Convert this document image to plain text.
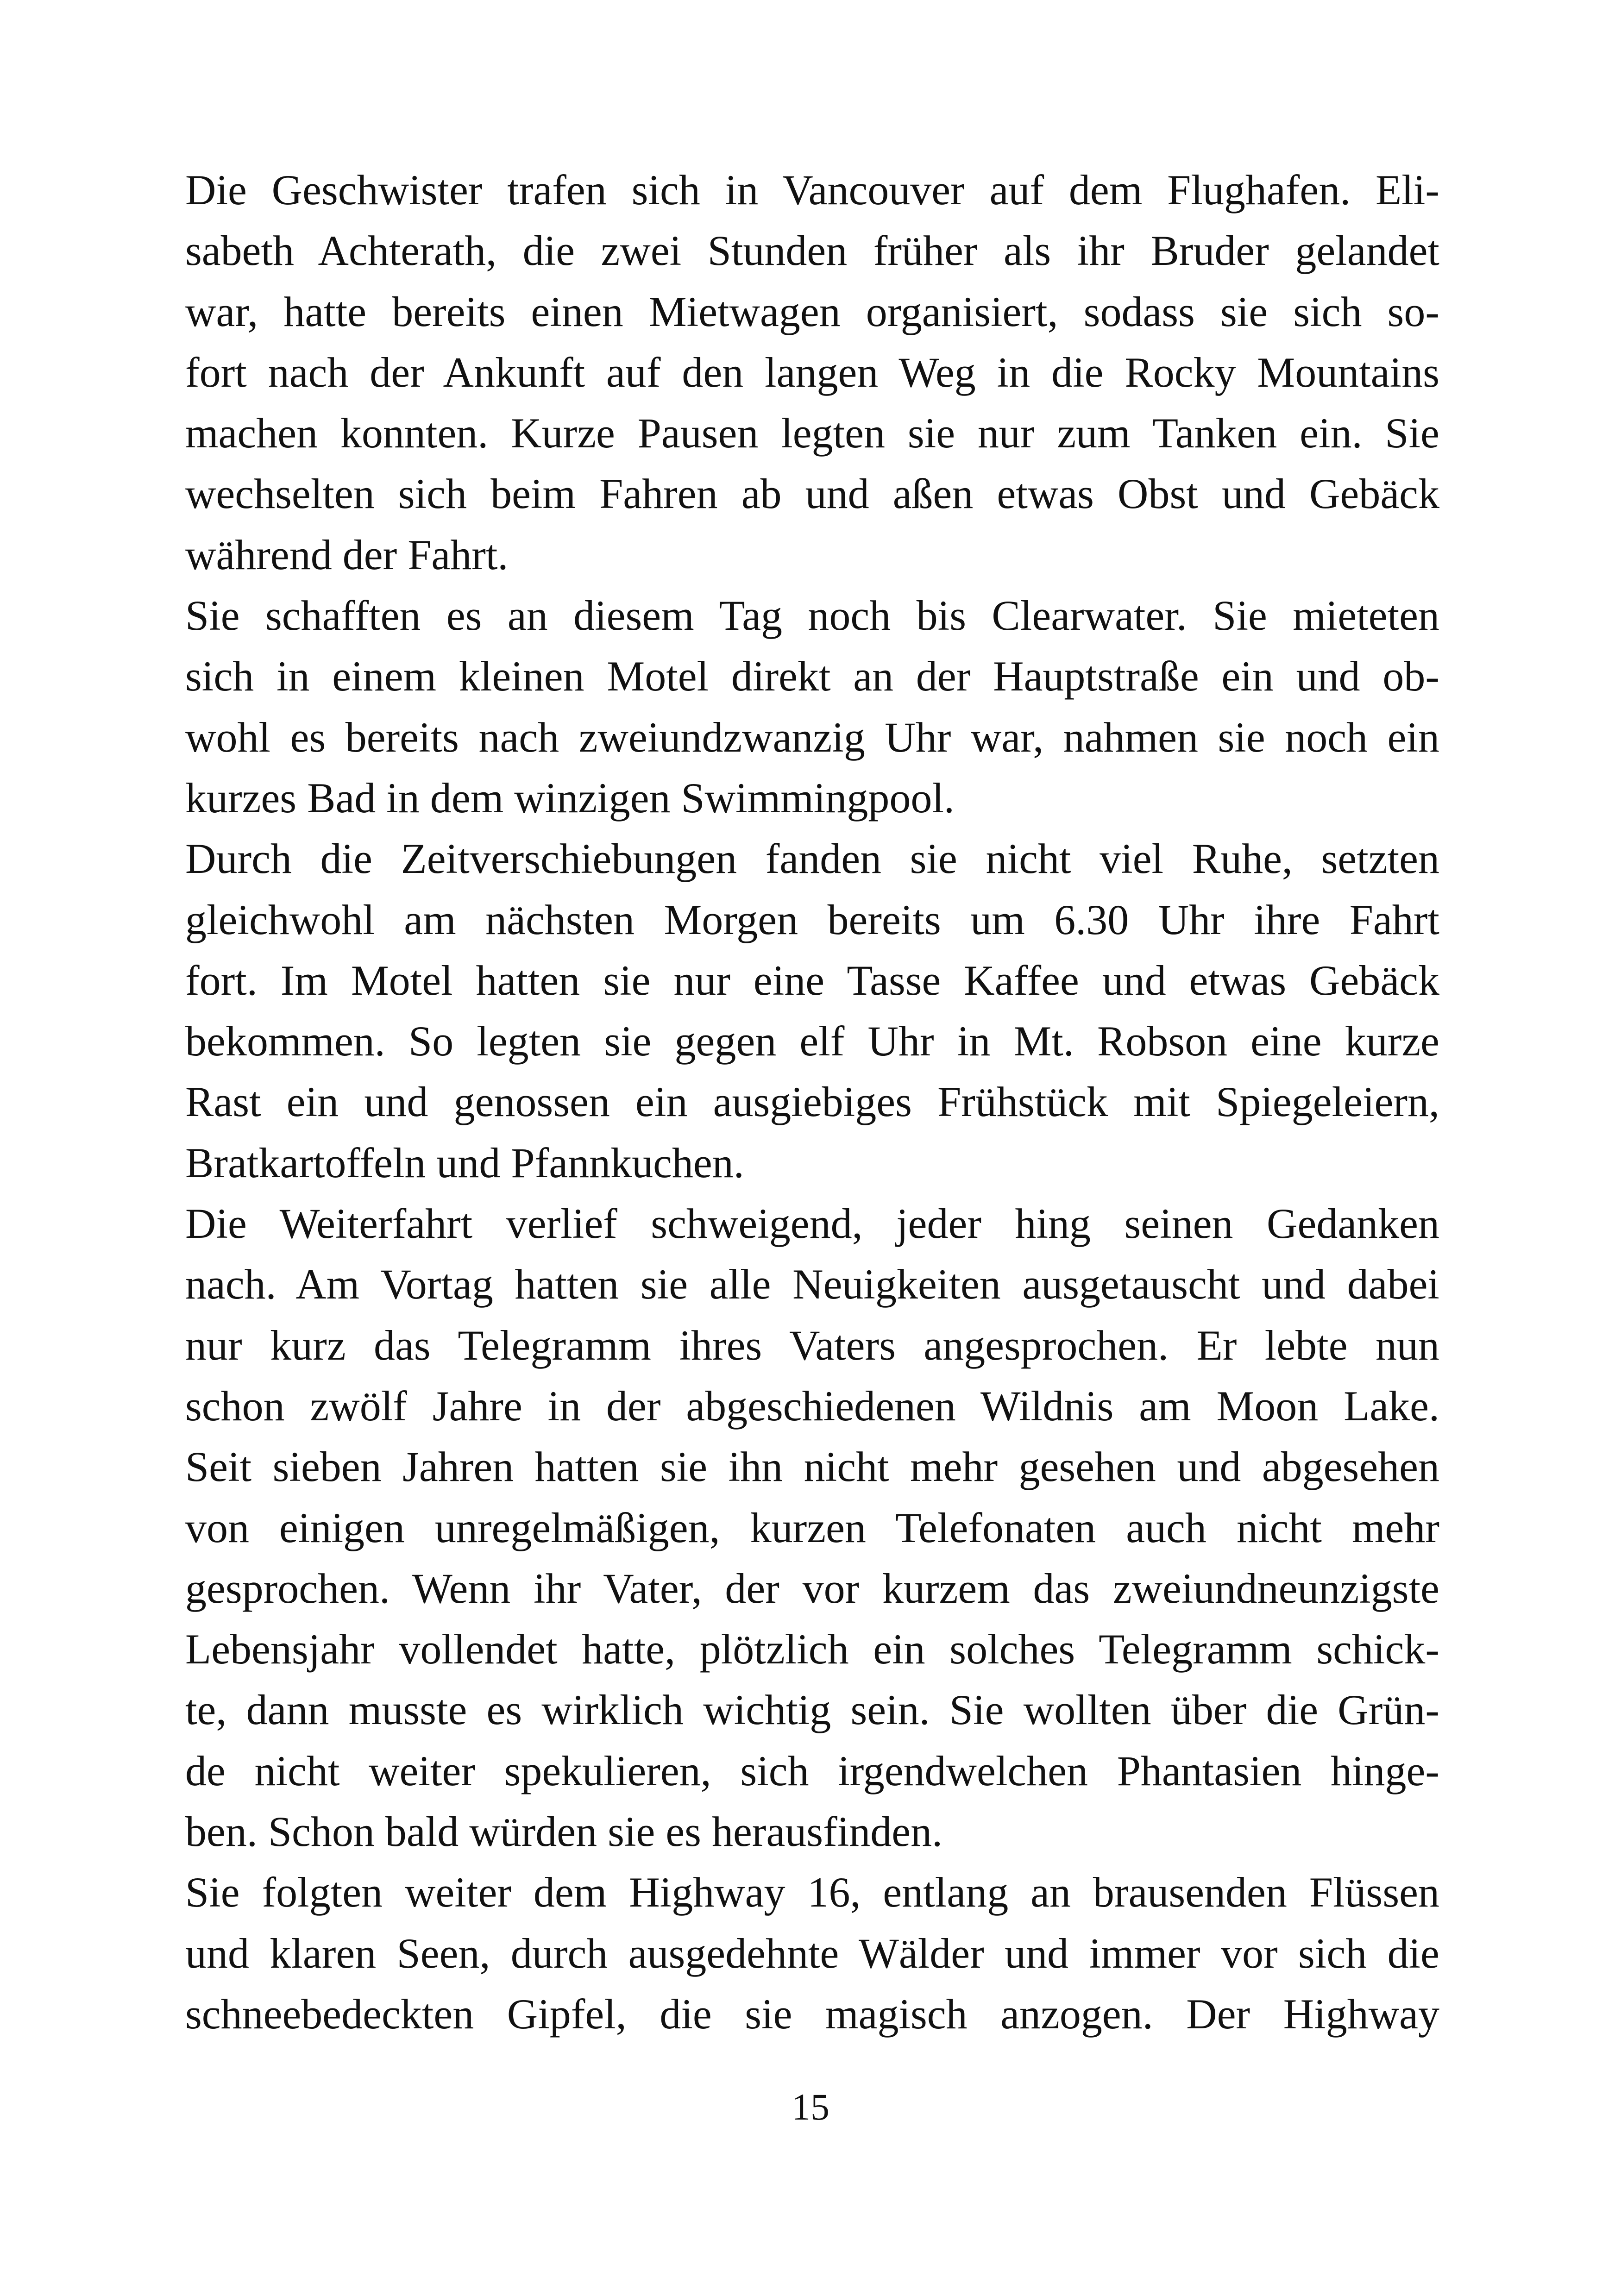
Die Geschwister trafen sich in Vancouver auf dem Flughafen. Eli-
sabeth Achterath, die zwei Stunden früher als ihr Bruder gelandet
war, hatte bereits einen Mietwagen organisiert, sodass sie sich so-
fort nach der Ankunft auf den langen Weg in die Rocky Mountains
machen konnten. Kurze Pausen legten sie nur zum Tanken ein. Sie
wechselten sich beim Fahren ab und aßen etwas Obst und Gebäck
während der Fahrt.
Sie schafften es an diesem Tag noch bis Clearwater. Sie mieteten
sich in einem kleinen Motel direkt an der Hauptstraße ein und ob-
wohl es bereits nach zweiundzwanzig Uhr war, nahmen sie noch ein
kurzes Bad in dem winzigen Swimmingpool.
Durch die Zeitverschiebungen fanden sie nicht viel Ruhe, setzten
gleichwohl am nächsten Morgen bereits um 6.30 Uhr ihre Fahrt
fort. Im Motel hatten sie nur eine Tasse Kaffee und etwas Gebäck
bekommen. So legten sie gegen elf Uhr in Mt. Robson eine kurze
Rast ein und genossen ein ausgiebiges Frühstück mit Spiegeleiern,
Bratkartoffeln und Pfannkuchen.
Die Weiterfahrt verlief schweigend, jeder hing seinen Gedanken
nach. Am Vortag hatten sie alle Neuigkeiten ausgetauscht und dabei
nur kurz das Telegramm ihres Vaters angesprochen. Er lebte nun
schon zwölf Jahre in der abgeschiedenen Wildnis am Moon Lake.
Seit sieben Jahren hatten sie ihn nicht mehr gesehen und abgesehen
von einigen unregelmäßigen, kurzen Telefonaten auch nicht mehr
gesprochen. Wenn ihr Vater, der vor kurzem das zweiundneunzigste
Lebensjahr vollendet hatte, plötzlich ein solches Telegramm schick-
te, dann musste es wirklich wichtig sein. Sie wollten über die Grün-
de nicht weiter spekulieren, sich irgendwelchen Phantasien hinge-
ben. Schon bald würden sie es herausfinden.
Sie folgten weiter dem Highway 16, entlang an brausenden Flüssen
und klaren Seen, durch ausgedehnte Wälder und immer vor sich die
schneebedeckten Gipfel, die sie magisch anzogen. Der Highway
15
